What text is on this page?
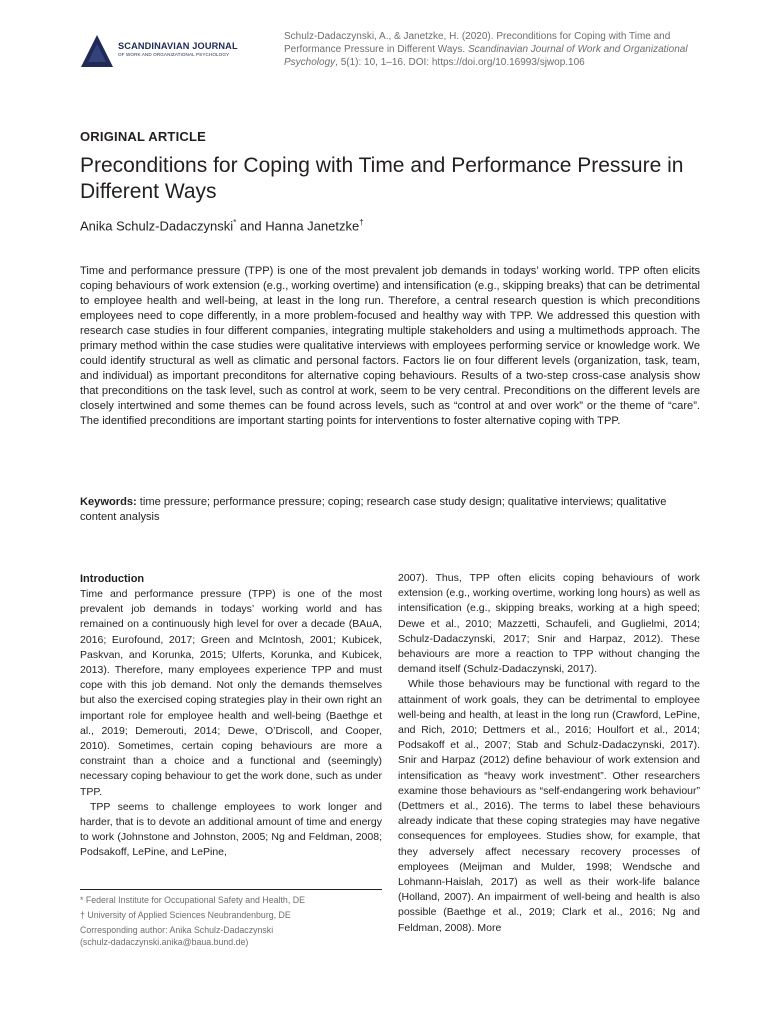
SCANDINAVIAN JOURNAL
OF WORK AND ORGANIZATIONAL PSYCHOLOGY
Schulz-Dadaczynski, A., & Janetzke, H. (2020). Preconditions for Coping with Time and Performance Pressure in Different Ways. Scandinavian Journal of Work and Organizational Psychology, 5(1): 10, 1–16. DOI: https://doi.org/10.16993/sjwop.106
ORIGINAL ARTICLE
Preconditions for Coping with Time and Performance Pressure in Different Ways
Anika Schulz-Dadaczynski* and Hanna Janetzke†
Time and performance pressure (TPP) is one of the most prevalent job demands in todays’ working world. TPP often elicits coping behaviours of work extension (e.g., working overtime) and intensification (e.g., skipping breaks) that can be detrimental to employee health and well-being, at least in the long run. Therefore, a central research question is which preconditions employees need to cope differently, in a more problem-focused and healthy way with TPP. We addressed this question with research case studies in four different companies, integrating multiple stakeholders and using a multimethods approach. The primary method within the case studies were qualitative interviews with employees performing service or knowledge work. We could identify structural as well as climatic and personal factors. Factors lie on four different levels (organization, task, team, and individual) as important preconditons for alternative coping behaviours. Results of a two-step cross-case analysis show that preconditions on the task level, such as control at work, seem to be very central. Preconditions on the different levels are closely intertwined and some themes can be found across levels, such as “control at and over work” or the theme of “care”. The identified preconditions are important starting points for interventions to foster alternative coping with TPP.
Keywords: time pressure; performance pressure; coping; research case study design; qualitative interviews; qualitative content analysis
Introduction

Time and performance pressure (TPP) is one of the most prevalent job demands in todays’ working world and has remained on a continuously high level for over a decade (BAuA, 2016; Eurofound, 2017; Green and McIntosh, 2001; Kubicek, Paskvan, and Korunka, 2015; Ulferts, Korunka, and Kubicek, 2013). Therefore, many employees experience TPP and must cope with this job demand. Not only the demands themselves but also the exercised coping strategies play in their own right an important role for employee health and well-being (Baethge et al., 2019; Demerouti, 2014; Dewe, O’Driscoll, and Cooper, 2010). Sometimes, certain coping behaviours are more a constraint than a choice and a functional and (seemingly) necessary coping behaviour to get the work done, such as under TPP.

TPP seems to challenge employees to work longer and harder, that is to devote an additional amount of time and energy to work (Johnstone and Johnston, 2005; Ng and Feldman, 2008; Podsakoff, LePine, and LePine,

2007). Thus, TPP often elicits coping behaviours of work extension (e.g., working overtime, working long hours) as well as intensification (e.g., skipping breaks, working at a high speed; Dewe et al., 2010; Mazzetti, Schaufeli, and Guglielmi, 2014; Schulz-Dadaczynski, 2017; Snir and Harpaz, 2012). These behaviours are more a reaction to TPP without changing the demand itself (Schulz-Dadaczynski, 2017).

While those behaviours may be functional with regard to the attainment of work goals, they can be detrimental to employee well-being and health, at least in the long run (Crawford, LePine, and Rich, 2010; Dettmers et al., 2016; Houlfort et al., 2014; Podsakoff et al., 2007; Stab and Schulz-Dadaczynski, 2017). Snir and Harpaz (2012) define behaviour of work extension and intensification as “heavy work investment”. Other researchers examine those behaviours as “self-endangering work behaviour” (Dettmers et al., 2016). The terms to label these behaviours already indicate that these coping strategies may have negative consequences for employees. Studies show, for example, that they adversely affect necessary recovery processes of employees (Meijman and Mulder, 1998; Wendsche and Lohmann-Haislah, 2017) as well as their work-life balance (Holland, 2007). An impairment of well-being and health is also possible (Baethge et al., 2019; Clark et al., 2016; Ng and Feldman, 2008). More

* Federal Institute for Occupational Safety and Health, DE
† University of Applied Sciences Neubrandenburg, DE
Corresponding author: Anika Schulz-Dadaczynski
(schulz-dadaczynski.anika@baua.bund.de)
